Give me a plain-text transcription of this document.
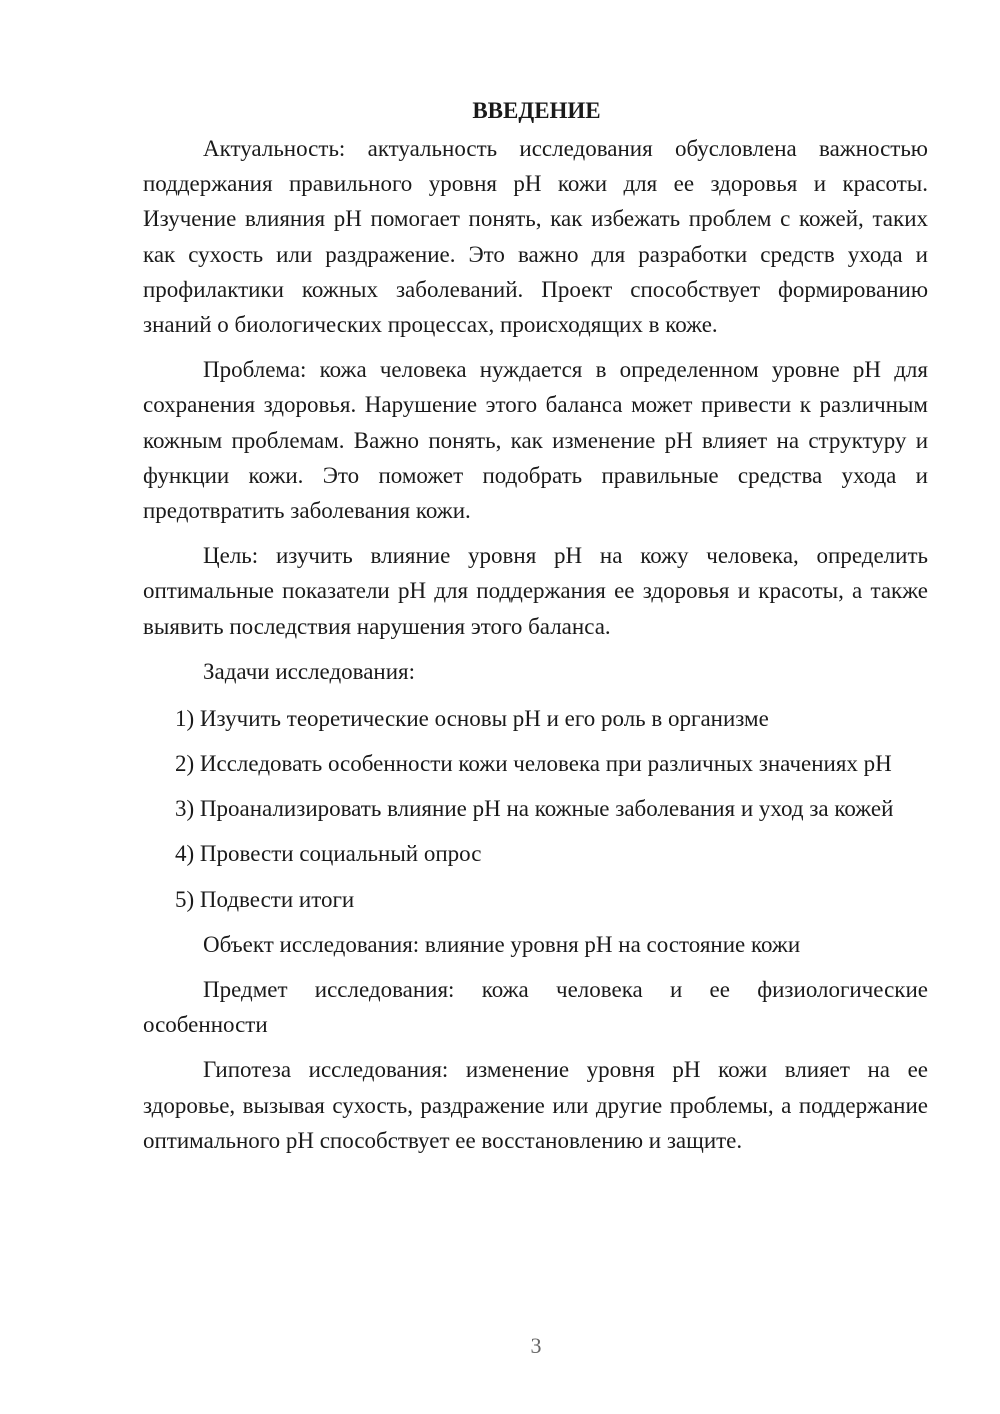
ВВЕДЕНИЕ

Актуальность: актуальность исследования обусловлена важностью поддержания правильного уровня pH кожи для ее здоровья и красоты. Изучение влияния pH помогает понять, как избежать проблем с кожей, таких как сухость или раздражение. Это важно для разработки средств ухода и профилактики кожных заболеваний. Проект способствует формированию знаний о биологических процессах, происходящих в коже.

Проблема: кожа человека нуждается в определенном уровне pH для сохранения здоровья. Нарушение этого баланса может привести к различным кожным проблемам. Важно понять, как изменение pH влияет на структуру и функции кожи. Это поможет подобрать правильные средства ухода и предотвратить заболевания кожи.

Цель: изучить влияние уровня pH на кожу человека, определить оптимальные показатели pH для поддержания ее здоровья и красоты, а также выявить последствия нарушения этого баланса.

Задачи исследования:

1) Изучить теоретические основы pH и его роль в организме

2) Исследовать особенности кожи человека при различных значениях pH

3) Проанализировать влияние pH на кожные заболевания и уход за кожей

4) Провести социальный опрос

5) Подвести итоги

Объект исследования: влияние уровня pH на состояние кожи

Предмет исследования: кожа человека и ее физиологические особенности

Гипотеза исследования: изменение уровня pH кожи влияет на ее здоровье, вызывая сухость, раздражение или другие проблемы, а поддержание оптимального pH способствует ее восстановлению и защите.

3
